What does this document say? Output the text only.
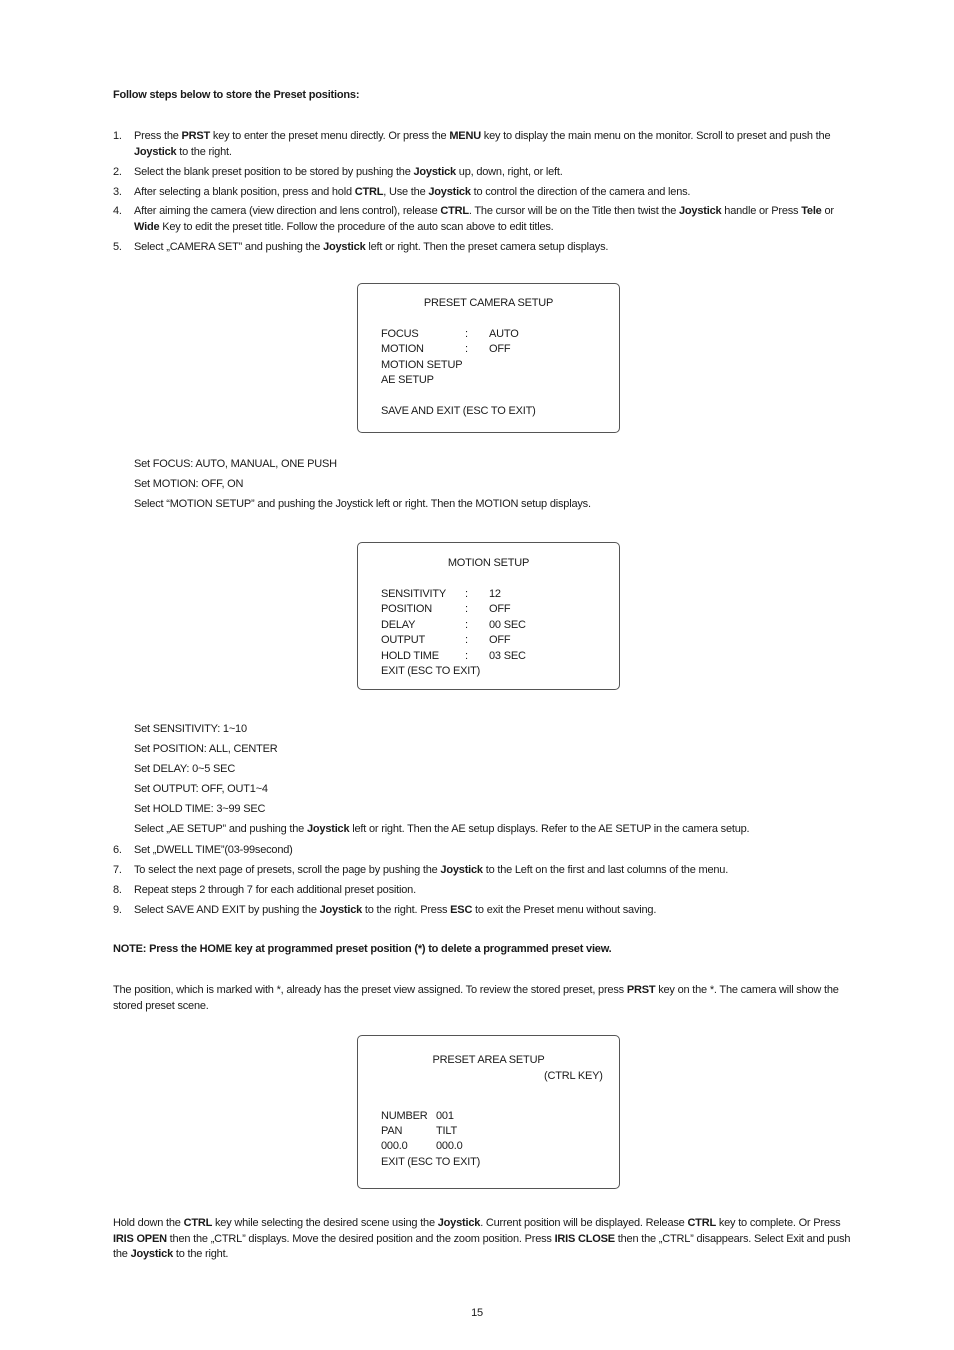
Follow steps below to store the Preset positions:
1.	Press the PRST key to enter the preset menu directly. Or press the MENU key to display the main menu on the monitor. Scroll to preset and push the Joystick to the right.
2.	Select the blank preset position to be stored by pushing the Joystick up, down, right, or left.
3.	After selecting a blank position, press and hold CTRL, Use the Joystick to control the direction of the camera and lens.
4.	After aiming the camera (view direction and lens control), release CTRL. The cursor will be on the Title then twist the Joystick handle or Press Tele or Wide Key to edit the preset title. Follow the procedure of the auto scan above to edit titles.
5.	Select „CAMERA SET” and pushing the Joystick left or right. Then the preset camera setup displays.
PRESET CAMERA SETUP
FOCUS	: AUTO
MOTION	: OFF
MOTION SETUP
AE SETUP
SAVE AND EXIT (ESC TO EXIT)
Set FOCUS: AUTO, MANUAL, ONE PUSH
Set MOTION: OFF, ON
Select “MOTION SETUP” and pushing the Joystick left or right. Then the MOTION setup displays.
MOTION SETUP
SENSITIVITY : 12
POSITION	: OFF
DELAY	: 00 SEC
OUTPUT	: OFF
HOLD TIME : 03 SEC
EXIT (ESC TO EXIT)
Set SENSITIVITY: 1~10
Set POSITION: ALL, CENTER
Set DELAY: 0~5 SEC
Set OUTPUT: OFF, OUT1~4
Set HOLD TIME: 3~99 SEC
Select „AE SETUP” and pushing the Joystick left or right. Then the AE setup displays. Refer to the AE SETUP in the camera setup.
6.	Set „DWELL TIME”(03-99second)
7.	To select the next page of presets, scroll the page by pushing the Joystick to the Left on the first and last columns of the menu.
8.	Repeat steps 2 through 7 for each additional preset position.
9.	Select SAVE AND EXIT by pushing the Joystick to the right. Press ESC to exit the Preset menu without saving.
NOTE: Press the HOME key at programmed preset position (*) to delete a programmed preset view.
The position, which is marked with *, already has the preset view assigned. To review the stored preset, press PRST key on the *. The camera will show the stored preset scene.
PRESET AREA SETUP
(CTRL KEY)
NUMBER 001
PAN	TILT
000.0	000.0
EXIT (ESC TO EXIT)
Hold down the CTRL key while selecting the desired scene using the Joystick. Current position will be displayed. Release CTRL key to complete. Or Press IRIS OPEN then the „CTRL” displays. Move the desired position and the zoom position. Press IRIS CLOSE then the „CTRL” disappears. Select Exit and push the Joystick to the right.
15
